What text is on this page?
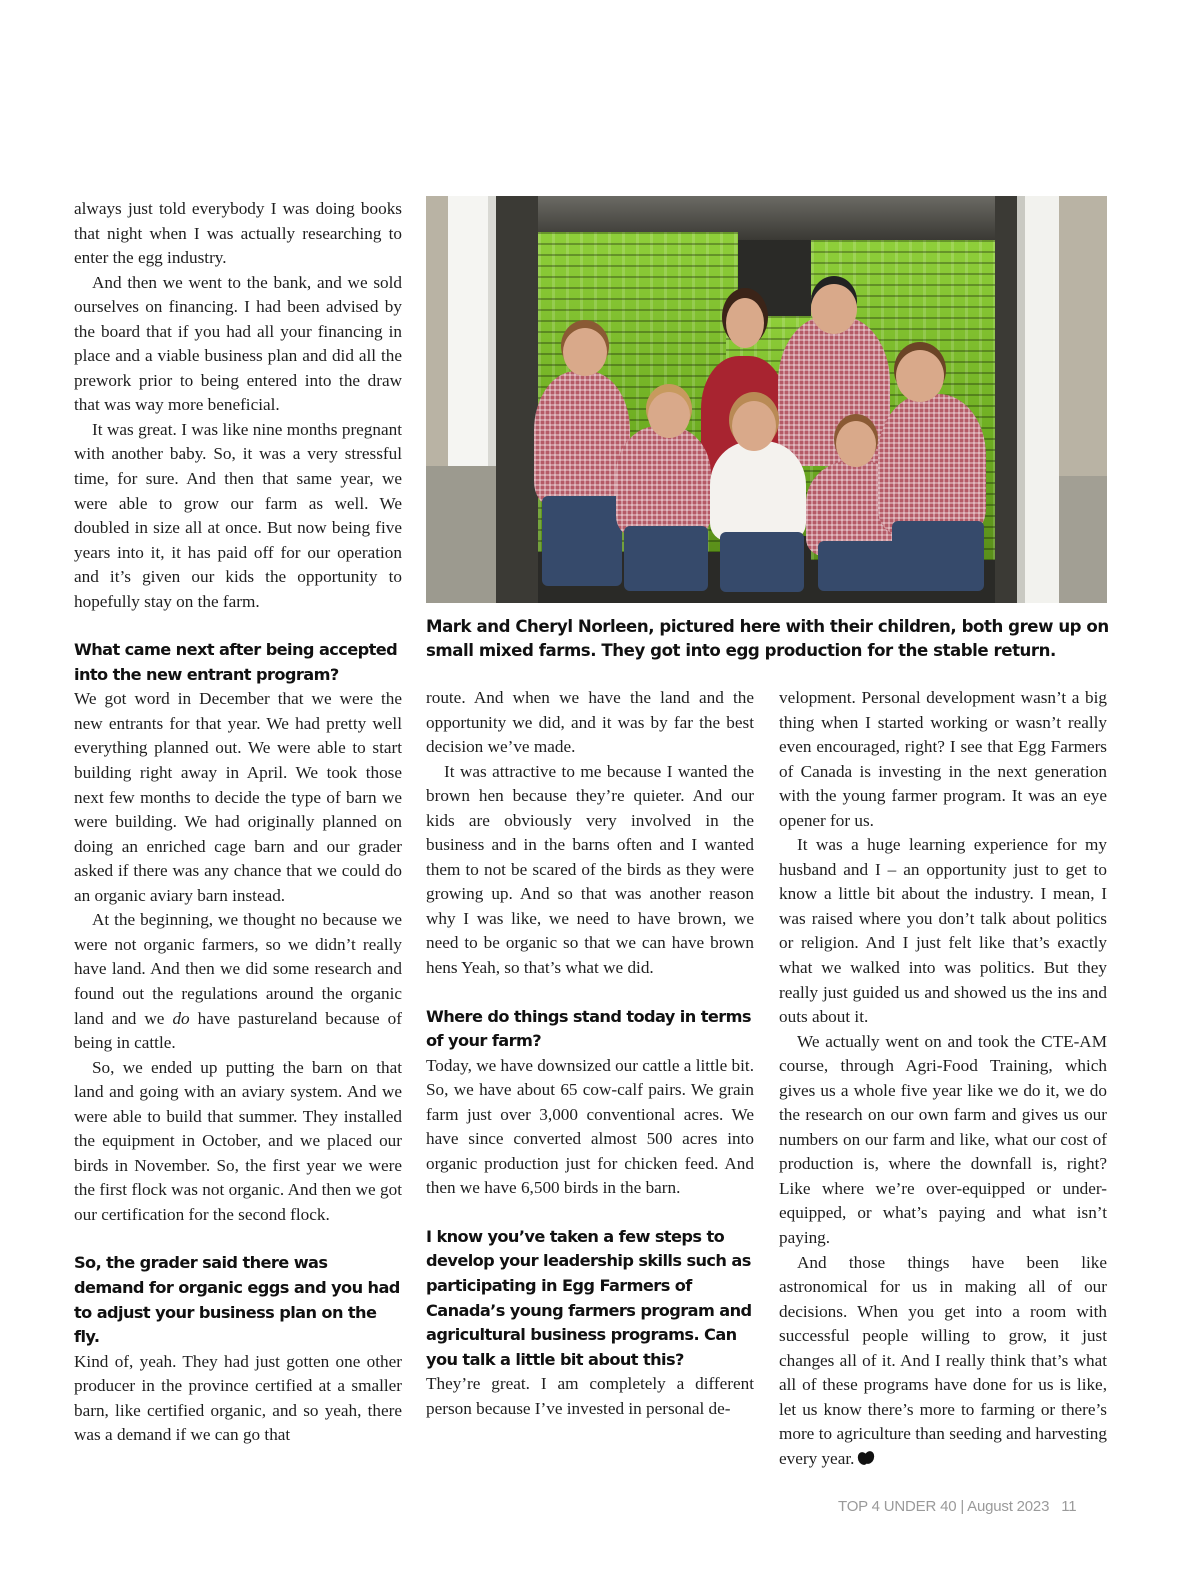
always just told everybody I was doing books that night when I was actually researching to enter the egg industry.

And then we went to the bank, and we sold ourselves on financing. I had been advised by the board that if you had all your financing in place and a viable business plan and did all the prework prior to being entered into the draw that was way more beneficial.

It was great. I was like nine months pregnant with another baby. So, it was a very stressful time, for sure. And then that same year, we were able to grow our farm as well. We doubled in size all at once. But now being five years into it, it has paid off for our operation and it’s given our kids the opportunity to hopefully stay on the farm.

What came next after being accepted into the new entrant program?

We got word in December that we were the new entrants for that year. We had pretty well everything planned out. We were able to start building right away in April. We took those next few months to decide the type of barn we were building. We had originally planned on doing an enriched cage barn and our grader asked if there was any chance that we could do an organic aviary barn instead.

At the beginning, we thought no because we were not organic farmers, so we didn’t really have land. And then we did some research and found out the regulations around the organic land and we do have pastureland because of being in cattle.

So, we ended up putting the barn on that land and going with an aviary system. And we were able to build that summer. They installed the equipment in October, and we placed our birds in November. So, the first year we were the first flock was not organic. And then we got our certification for the second flock.

So, the grader said there was demand for organic eggs and you had to adjust your business plan on the fly.

Kind of, yeah. They had just gotten one other producer in the province certified at a smaller barn, like certified organic, and so yeah, there was a demand if we can go that

Mark and Cheryl Norleen, pictured here with their children, both grew up on small mixed farms. They got into egg production for the stable return.

route. And when we have the land and the opportunity we did, and it was by far the best decision we’ve made.

It was attractive to me because I wanted the brown hen because they’re quieter. And our kids are obviously very involved in the business and in the barns often and I wanted them to not be scared of the birds as they were growing up. And so that was another reason why I was like, we need to have brown, we need to be organic so that we can have brown hens Yeah, so that’s what we did.

Where do things stand today in terms of your farm?

Today, we have downsized our cattle a little bit. So, we have about 65 cow-calf pairs. We grain farm just over 3,000 conventional acres. We have since converted almost 500 acres into organic production just for chicken feed. And then we have 6,500 birds in the barn.

I know you’ve taken a few steps to develop your leadership skills such as participating in Egg Farmers of Canada’s young farmers program and agricultural business programs. Can you talk a little bit about this?

They’re great. I am completely a different person because I’ve invested in personal de-

velopment. Personal development wasn’t a big thing when I started working or wasn’t really even encouraged, right? I see that Egg Farmers of Canada is investing in the next generation with the young farmer program. It was an eye opener for us.

It was a huge learning experience for my husband and I – an opportunity just to get to know a little bit about the industry. I mean, I was raised where you don’t talk about politics or religion. And I just felt like that’s exactly what we walked into was politics. But they really just guided us and showed us the ins and outs about it.

We actually went on and took the CTE-AM course, through Agri-Food Training, which gives us a whole five year like we do it, we do the research on our own farm and gives us our numbers on our farm and like, what our cost of production is, where the downfall is, right? Like where we’re over-equipped or under-equipped, or what’s paying and what isn’t paying.

And those things have been like astronomical for us in making all of our decisions. When you get into a room with successful people willing to grow, it just changes all of it. And I really think that’s what all of these programs have done for us is like, let us know there’s more to farming or there’s more to agriculture than seeding and harvesting every year.

TOP 4 UNDER 40 | August 2023 11
